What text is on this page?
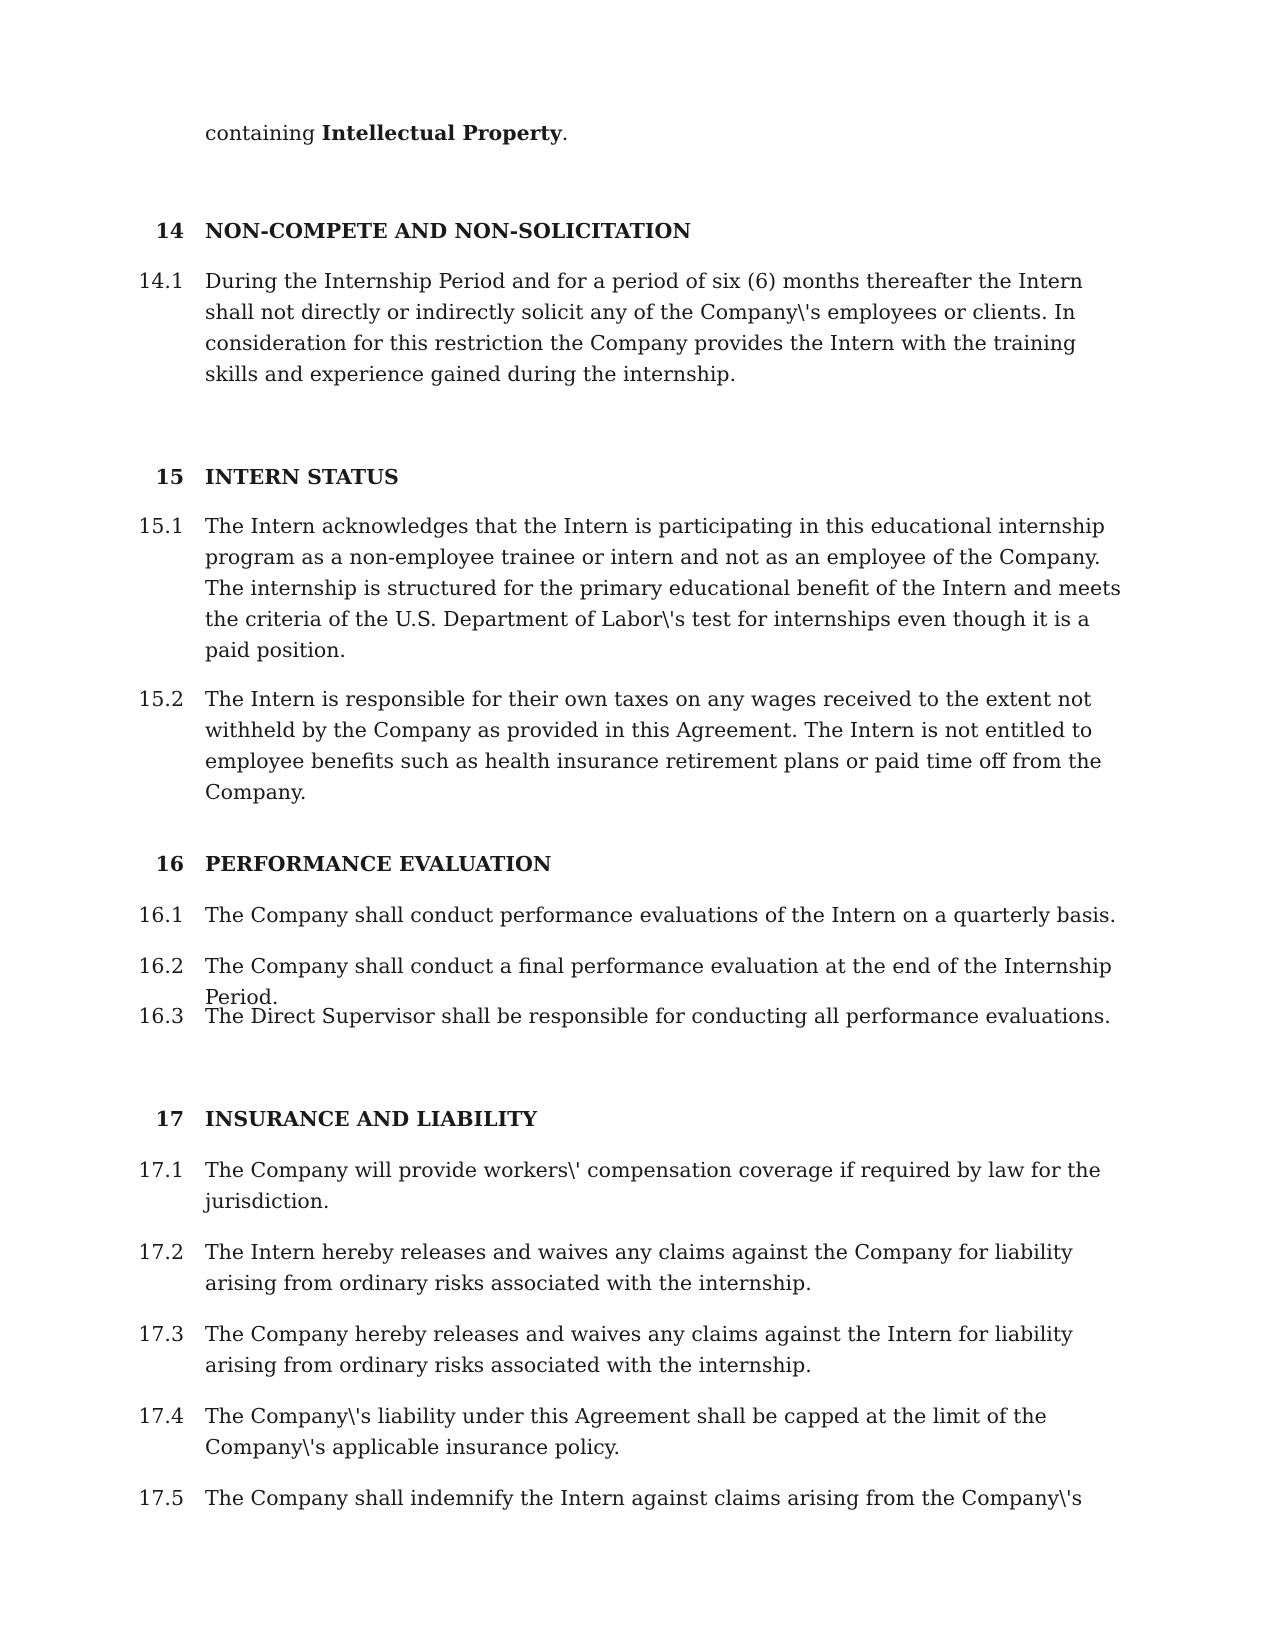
containing Intellectual Property.
14 NON-COMPETE AND NON-SOLICITATION
14.1 During the Internship Period and for a period of six (6) months thereafter the Intern shall not directly or indirectly solicit any of the Company\'s employees or clients. In consideration for this restriction the Company provides the Intern with the training skills and experience gained during the internship.
15 INTERN STATUS
15.1 The Intern acknowledges that the Intern is participating in this educational internship program as a non-employee trainee or intern and not as an employee of the Company. The internship is structured for the primary educational benefit of the Intern and meets the criteria of the U.S. Department of Labor\'s test for internships even though it is a paid position.
15.2 The Intern is responsible for their own taxes on any wages received to the extent not withheld by the Company as provided in this Agreement. The Intern is not entitled to employee benefits such as health insurance retirement plans or paid time off from the Company.
16 PERFORMANCE EVALUATION
16.1 The Company shall conduct performance evaluations of the Intern on a quarterly basis.
16.2 The Company shall conduct a final performance evaluation at the end of the Internship Period.
16.3 The Direct Supervisor shall be responsible for conducting all performance evaluations.
17 INSURANCE AND LIABILITY
17.1 The Company will provide workers\' compensation coverage if required by law for the jurisdiction.
17.2 The Intern hereby releases and waives any claims against the Company for liability arising from ordinary risks associated with the internship.
17.3 The Company hereby releases and waives any claims against the Intern for liability arising from ordinary risks associated with the internship.
17.4 The Company\'s liability under this Agreement shall be capped at the limit of the Company\'s applicable insurance policy.
17.5 The Company shall indemnify the Intern against claims arising from the Company\'s
